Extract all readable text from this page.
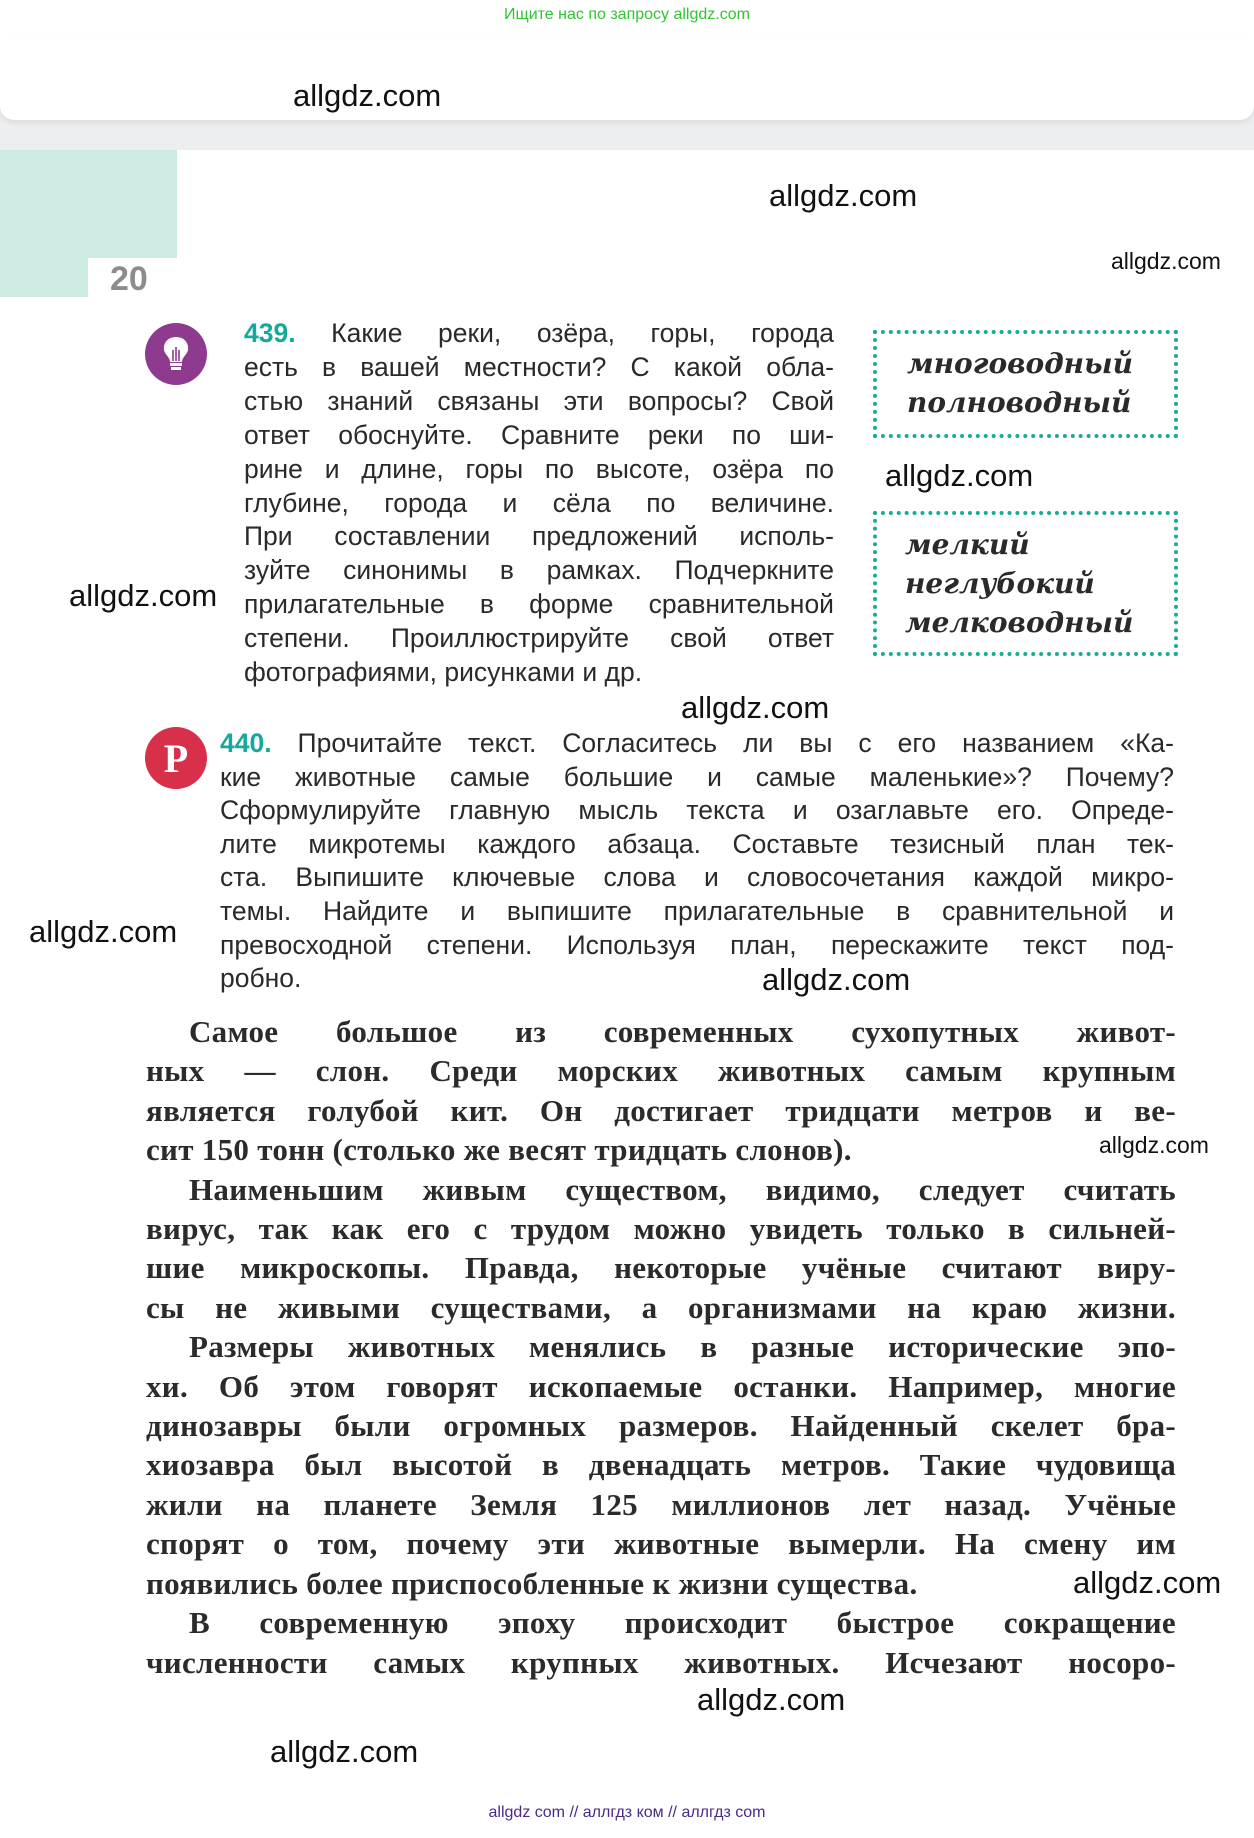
Ищите нас по запросу allgdz.com
20
439. Какие реки, озёра, горы, города
есть в вашей местности? С какой обла-
стью знаний связаны эти вопросы? Свой
ответ обоснуйте. Сравните реки по ши-
рине и длине, горы по высоте, озёра по
глубине, города и сёла по величине.
При составлении предложений исполь-
зуйте синонимы в рамках. Подчеркните
прилагательные в форме сравнительной
степени. Проиллюстрируйте свой ответ
фотографиями, рисунками и др.
многоводный
полноводный
мелкий
неглубокий
мелководный
Р 440. Прочитайте текст. Согласитесь ли вы с его названием «Ка-
кие животные самые большие и самые маленькие»? Почему?
Сформулируйте главную мысль текста и озаглавьте его. Опреде-
лите микротемы каждого абзаца. Составьте тезисный план тек-
ста. Выпишите ключевые слова и словосочетания каждой микро-
темы. Найдите и выпишите прилагательные в сравнительной и
превосходной степени. Используя план, перескажите текст под-
робно.
Самое большое из современных сухопутных живот-
ных — слон. Среди морских животных самым крупным
является голубой кит. Он достигает тридцати метров и ве-
сит 150 тонн (столько же весят тридцать слонов).
Наименьшим живым существом, видимо, следует считать
вирус, так как его с трудом можно увидеть только в сильней-
шие микроскопы. Правда, некоторые учёные считают виру-
сы не живыми существами, а организмами на краю жизни.
Размеры животных менялись в разные исторические эпо-
хи. Об этом говорят ископаемые останки. Например, многие
динозавры были огромных размеров. Найденный скелет бра-
хиозавра был высотой в двенадцать метров. Такие чудовища
жили на планете Земля 125 миллионов лет назад. Учёные
спорят о том, почему эти животные вымерли. На смену им
появились более приспособленные к жизни существа.
В современную эпоху происходит быстрое сокращение
численности самых крупных животных. Исчезают носоро-
allgdz.com
allgdz.com
allgdz.com
allgdz.com
allgdz.com
allgdz.com
allgdz.com
allgdz.com
allgdz.com
allgdz.com
allgdz.com
allgdz.com
allgdz com // аллгдз ком // аллгдз com
